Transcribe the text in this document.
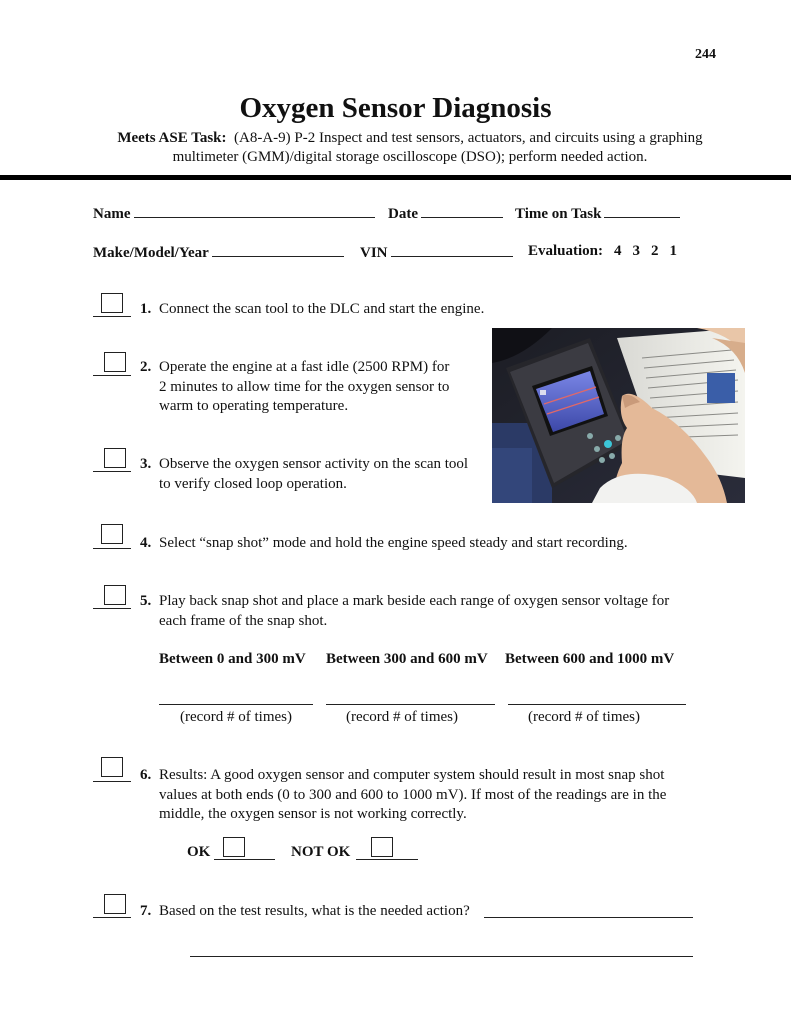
244
Oxygen Sensor Diagnosis
Meets ASE Task: (A8-A-9) P-2 Inspect and test sensors, actuators, and circuits using a graphing
multimeter (GMM)/digital storage oscilloscope (DSO); perform needed action.
Name	Date	Time on Task
Make/Model/Year	VIN	Evaluation: 4 3 2 1
1. Connect the scan tool to the DLC and start the engine.
2. Operate the engine at a fast idle (2500 RPM) for
2 minutes to allow time for the oxygen sensor to
warm to operating temperature.
3. Observe the oxygen sensor activity on the scan tool
to verify closed loop operation.
4. Select “snap shot” mode and hold the engine speed steady and start recording.
5. Play back snap shot and place a mark beside each range of oxygen sensor voltage for
each frame of the snap shot.
Between 0 and 300 mV Between 300 and 600 mV Between 600 and 1000 mV
(record # of times)	(record # of times)	(record # of times)
6. Results: A good oxygen sensor and computer system should result in most snap shot
values at both ends (0 to 300 and 600 to 1000 mV). If most of the readings are in the
middle, the oxygen sensor is not working correctly.
OK	NOT OK
7. Based on the test results, what is the needed action?
